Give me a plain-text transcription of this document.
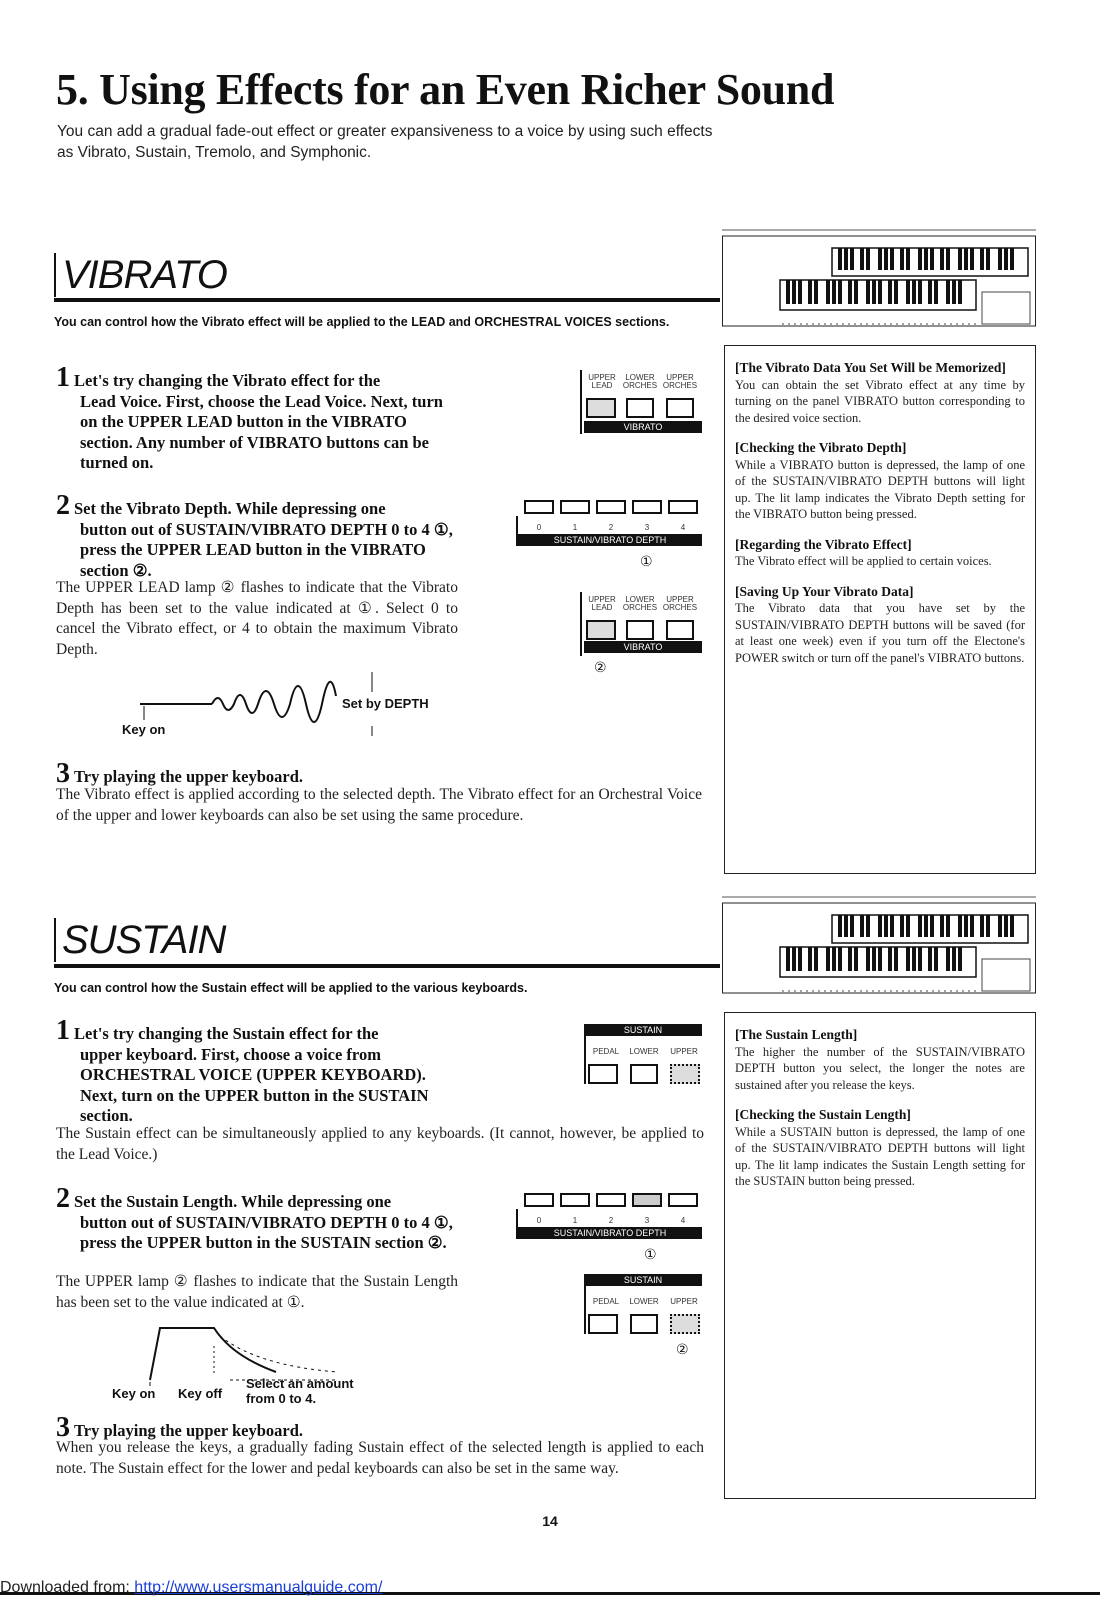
5. Using Effects for an Even Richer Sound
You can add a gradual fade-out effect or greater expansiveness to a voice by using such effects as Vibrato, Sustain, Tremolo, and Symphonic.
VIBRATO
You can control how the Vibrato effect will be applied to the LEAD and ORCHESTRAL VOICES sections.
[The Vibrato Data You Set Will be Memorized]
You can obtain the set Vibrato effect at any time by turning on the panel VIBRATO button corresponding to the desired voice section.
[Checking the Vibrato Depth]
While a VIBRATO button is depressed, the lamp of one of the SUSTAIN/VIBRATO DEPTH buttons will light up. The lit lamp indicates the Vibrato Depth setting for the VIBRATO button being pressed.
[Regarding the Vibrato Effect]
The Vibrato effect will be applied to certain voices.
[Saving Up Your Vibrato Data]
The Vibrato data that you have set by the SUSTAIN/VIBRATO DEPTH buttons will be saved (for at least one week) even if you turn off the Electone's POWER switch or turn off the panel's VIBRATO buttons.
1 Let's try changing the Vibrato effect for the
Lead Voice. First, choose the Lead Voice. Next, turn on the UPPER LEAD button in the VIBRATO section. Any number of VIBRATO buttons can be turned on.
UPPER LEAD
LOWER ORCHES
UPPER ORCHES
VIBRATO
2 Set the Vibrato Depth. While depressing one
button out of SUSTAIN/VIBRATO DEPTH 0 to 4 ①, press the UPPER LEAD button in the VIBRATO section ②.
The UPPER LEAD lamp ② flashes to indicate that the Vibrato Depth has been set to the value indicated at ①. Select 0 to cancel the Vibrato effect, or 4 to obtain the maximum Vibrato Depth.
0	1	2	3	4
SUSTAIN/VIBRATO DEPTH
①
UPPER LEAD
LOWER ORCHES
UPPER ORCHES
VIBRATO
②
Key on
Set by DEPTH
3 Try playing the upper keyboard.
The Vibrato effect is applied according to the selected depth. The Vibrato effect for an Orchestral Voice of the upper and lower keyboards can also be set using the same procedure.
SUSTAIN
You can control how the Sustain effect will be applied to the various keyboards.
[The Sustain Length]
The higher the number of the SUSTAIN/VIBRATO DEPTH button you select, the longer the notes are sustained after you release the keys.
[Checking the Sustain Length]
While a SUSTAIN button is depressed, the lamp of one of the SUSTAIN/VIBRATO DEPTH buttons will light up. The lit lamp indicates the Sustain Length setting for the SUSTAIN button being pressed.
1 Let's try changing the Sustain effect for the
upper keyboard. First, choose a voice from ORCHESTRAL VOICE (UPPER KEYBOARD). Next, turn on the UPPER button in the SUSTAIN section.
The Sustain effect can be simultaneously applied to any keyboards. (It cannot, however, be applied to the Lead Voice.)
SUSTAIN
PEDAL	LOWER	UPPER
2 Set the Sustain Length. While depressing one
button out of SUSTAIN/VIBRATO DEPTH 0 to 4 ①, press the UPPER button in the SUSTAIN section ②.
The UPPER lamp ② flashes to indicate that the Sustain Length has been set to the value indicated at ①.
0	1	2	3	4
SUSTAIN/VIBRATO DEPTH
①
SUSTAIN
PEDAL	LOWER	UPPER
②
Key on Key off
Select an amount from 0 to 4.
3 Try playing the upper keyboard.
When you release the keys, a gradually fading Sustain effect of the selected length is applied to each note. The Sustain effect for the lower and pedal keyboards can also be set in the same way.
14
Downloaded from: http://www.usersmanualguide.com/
